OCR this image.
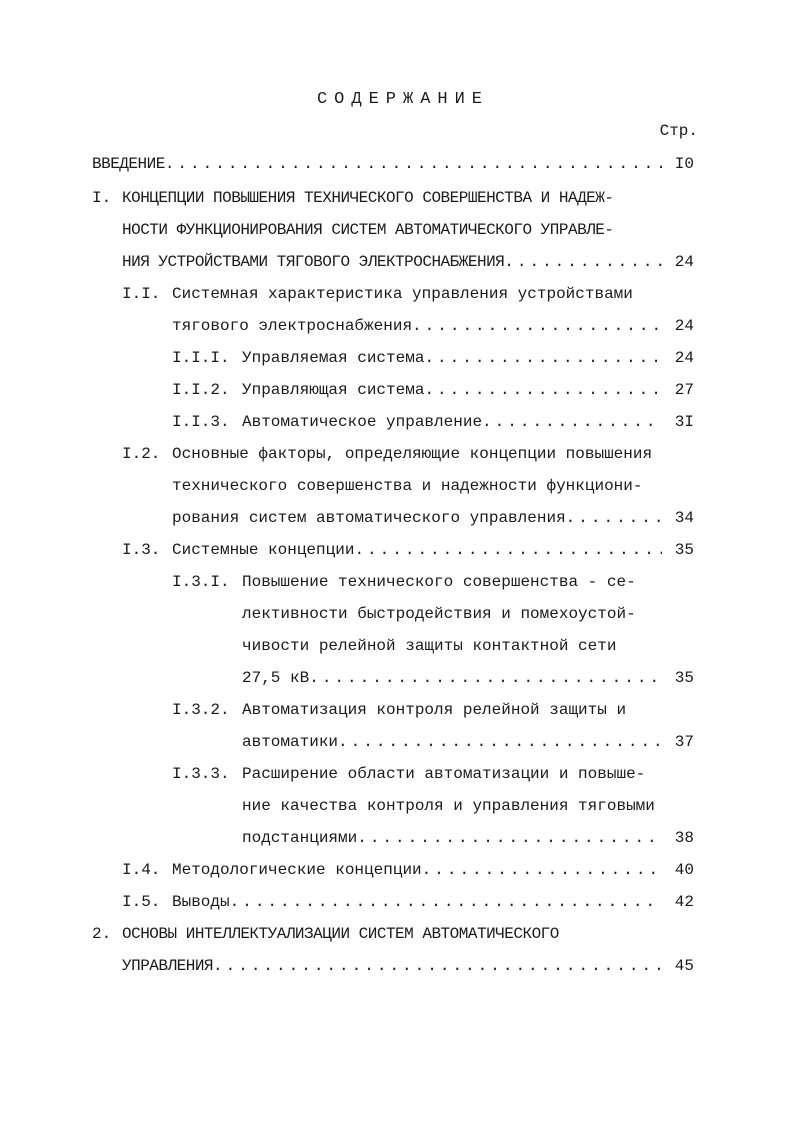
СОДЕРЖАНИЕ
Стр.
ВВЕДЕНИЕ .....	I0
I. КОНЦЕПЦИИ ПОВЫШЕНИЯ ТЕХНИЧЕСКОГО СОВЕРШЕНСТВА И НАДЕЖ-
НОСТИ ФУНКЦИОНИРОВАНИЯ СИСТЕМ АВТОМАТИЧЕСКОГО УПРАВЛЕ-
НИЯ УСТРОЙСТВАМИ ТЯГОВОГО ЭЛЕКТРОСНАБЖЕНИЯ .....	24
I.I. Системная характеристика управления устройствами
тягового электроснабжения .....	24
I.I.I. Управляемая система .....	24
I.I.2. Управляющая система .....	27
I.I.3. Автоматическое управление .....	3I
I.2. Основные факторы, определяющие концепции повышения
технического совершенства и надежности функциони-
рования систем автоматического управления .....	34
I.3. Системные концепции .....	35
I.3.I. Повышение технического совершенства - се-
лективности быстродействия и помехоустой-
чивости релейной защиты контактной сети
27,5 кВ .....	35
I.3.2. Автоматизация контроля релейной защиты и
автоматики .....	37
I.3.3. Расширение области автоматизации и повыше-
ние качества контроля и управления тяговыми
подстанциями .....	38
I.4. Методологические концепции .....	40
I.5. Выводы .....	42
2. ОСНОВЫ ИНТЕЛЛЕКТУАЛИЗАЦИИ СИСТЕМ АВТОМАТИЧЕСКОГО
УПРАВЛЕНИЯ .....	45
